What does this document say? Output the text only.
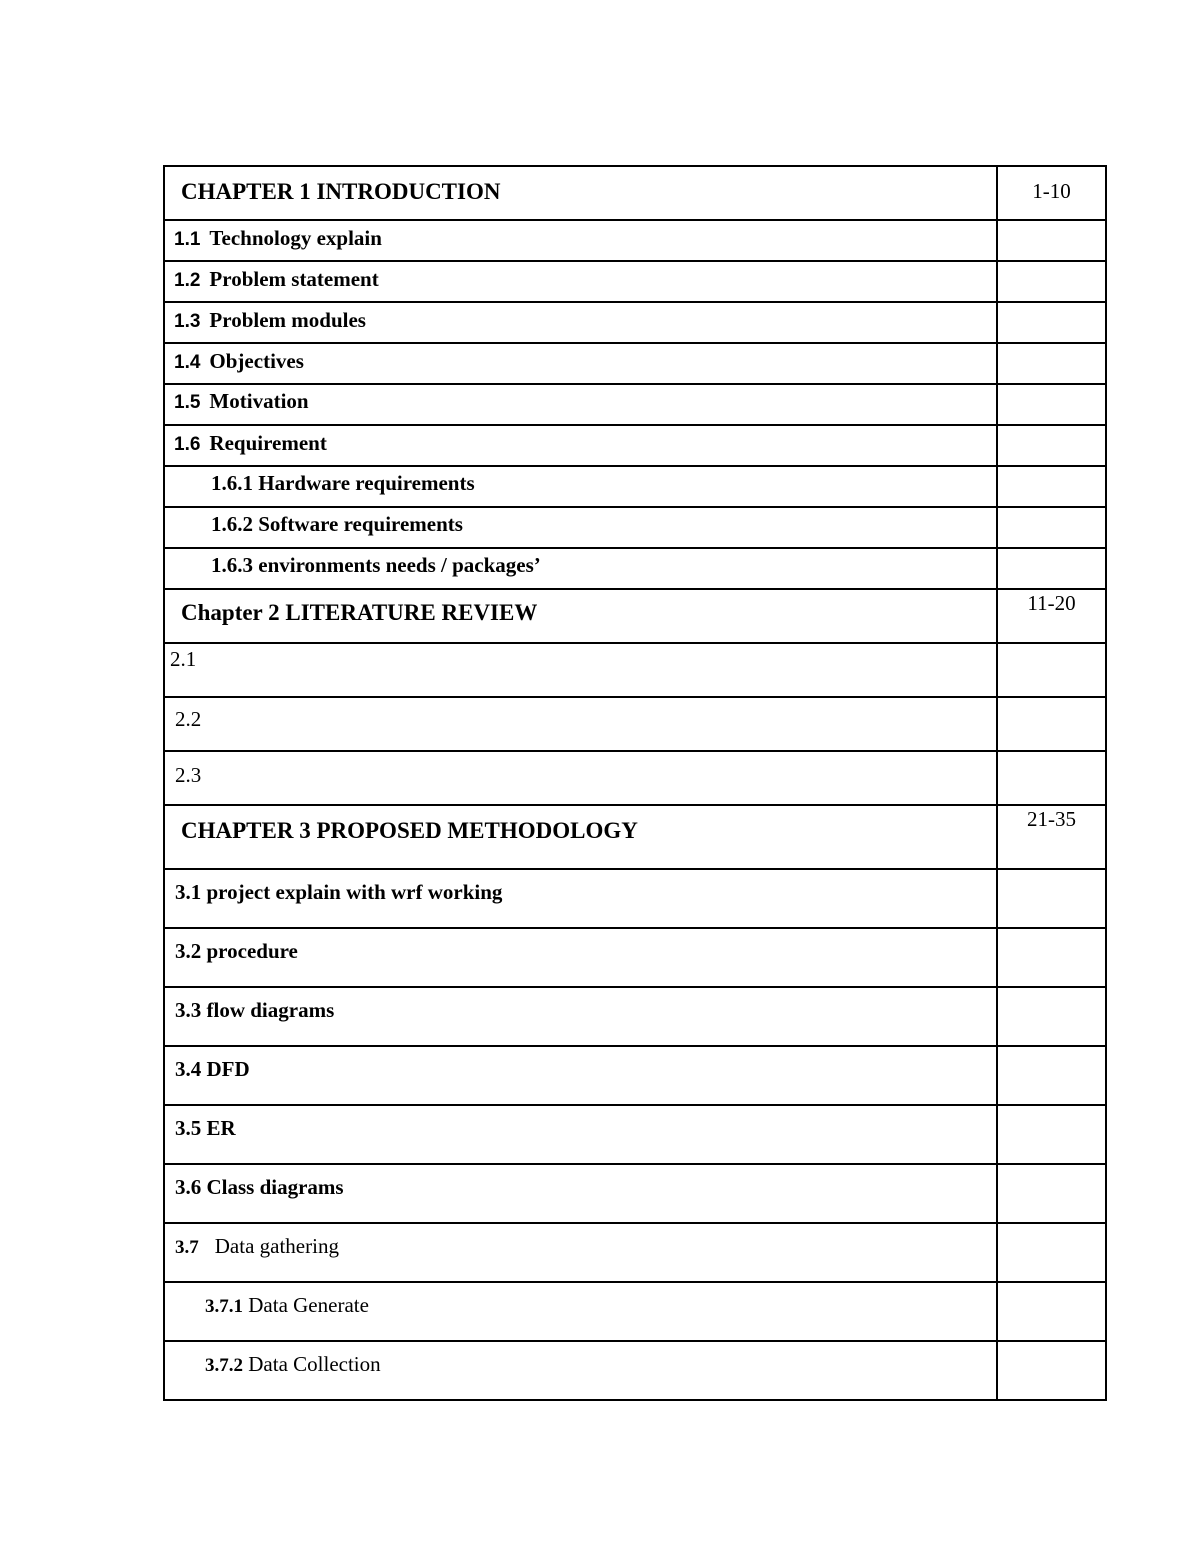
CHAPTER 1 INTRODUCTION	1-10

1.1 Technology explain	

1.2 Problem statement	

1.3 Problem modules	

1.4 Objectives	

1.5 Motivation	

1.6 Requirement	

1.6.1 Hardware requirements	

1.6.2 Software requirements	

1.6.3 environments needs / packages’	

Chapter 2 LITERATURE REVIEW	11-20

2.1	

2.2	

2.3	

CHAPTER 3 PROPOSED METHODOLOGY	21-35

3.1 project explain with wrf working	

3.2 procedure	

3.3 flow diagrams	

3.4 DFD	

3.5 ER	

3.6 Class diagrams	

3.7 Data gathering	

3.7.1 Data Generate	

3.7.2 Data Collection	
